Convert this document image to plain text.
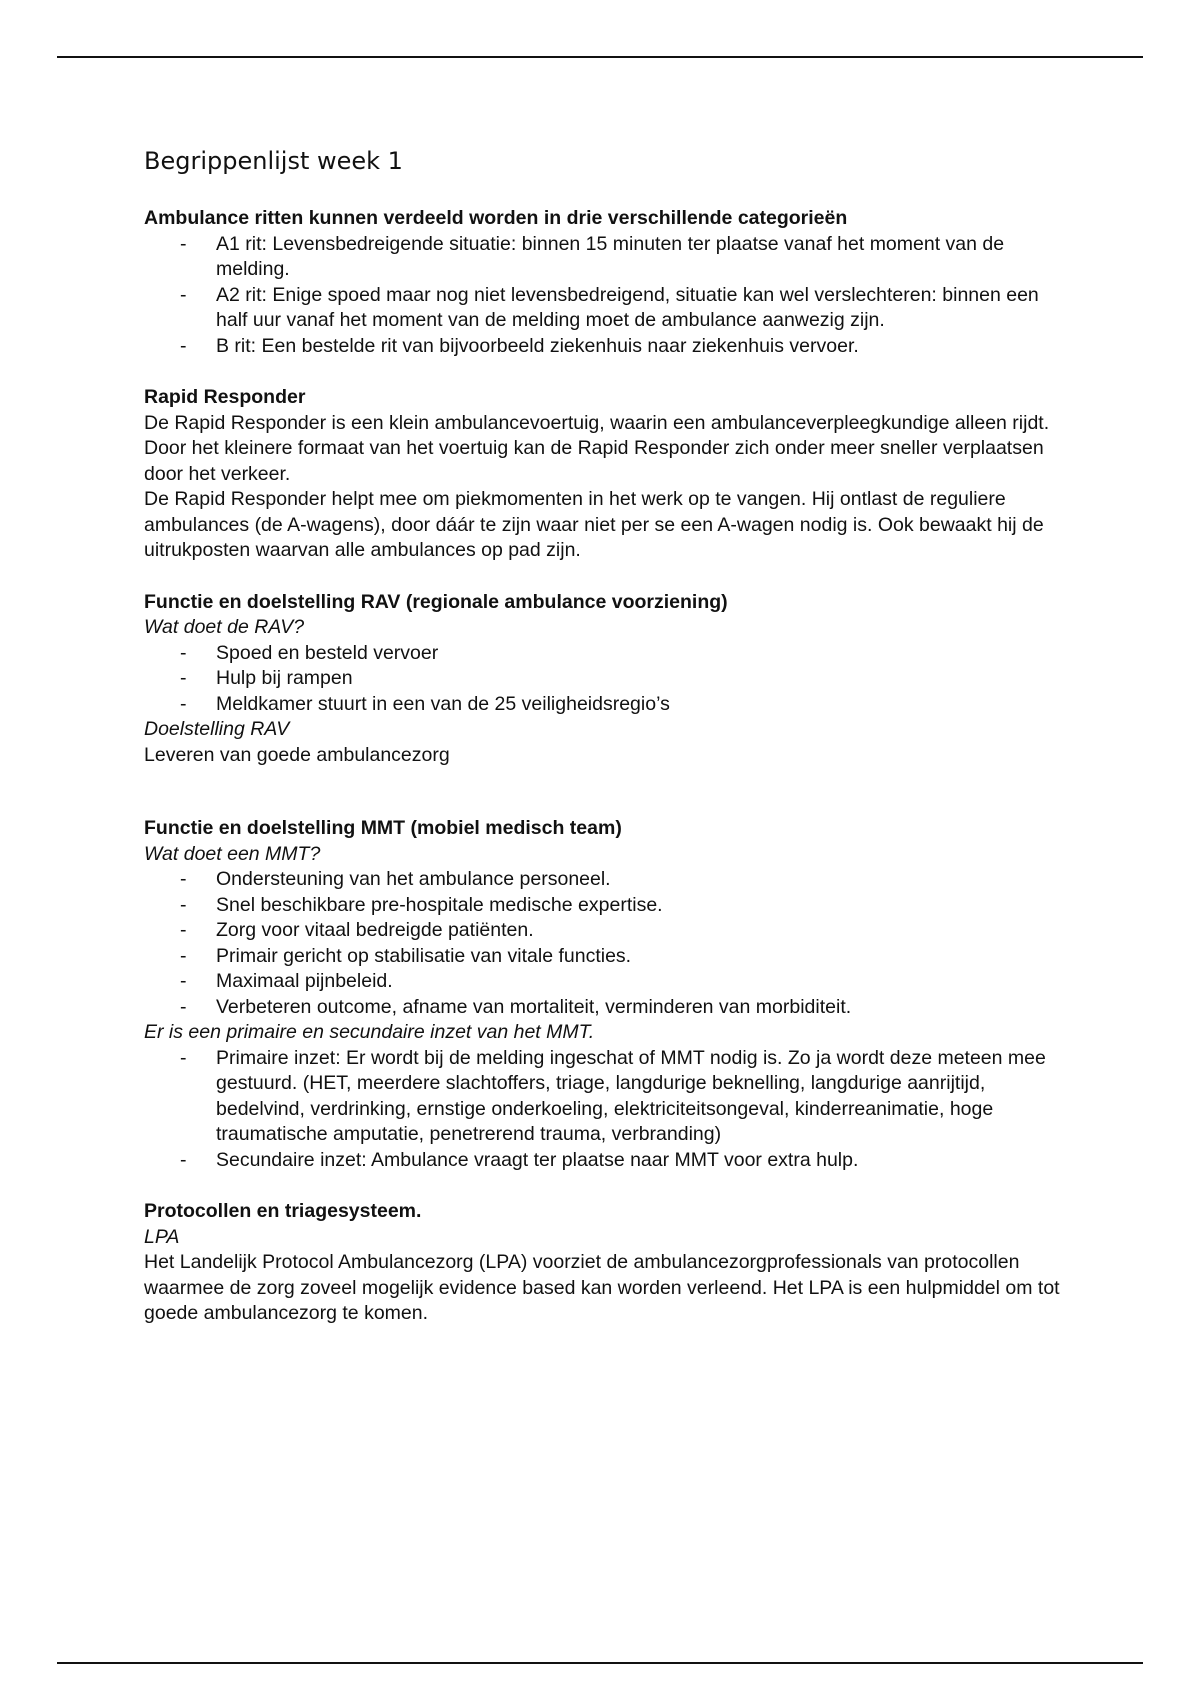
Begrippenlijst week 1

Ambulance ritten kunnen verdeeld worden in drie verschillende categorieën

- A1 rit: Levensbedreigende situatie: binnen 15 minuten ter plaatse vanaf het moment van de melding.
- A2 rit: Enige spoed maar nog niet levensbedreigend, situatie kan wel verslechteren: binnen een half uur vanaf het moment van de melding moet de ambulance aanwezig zijn.
- B rit: Een bestelde rit van bijvoorbeeld ziekenhuis naar ziekenhuis vervoer.

Rapid Responder

De Rapid Responder is een klein ambulancevoertuig, waarin een ambulanceverpleegkundige alleen rijdt. Door het kleinere formaat van het voertuig kan de Rapid Responder zich onder meer sneller verplaatsen door het verkeer.

De Rapid Responder helpt mee om piekmomenten in het werk op te vangen. Hij ontlast de reguliere ambulances (de A-wagens), door dáár te zijn waar niet per se een A-wagen nodig is. Ook bewaakt hij de uitrukposten waarvan alle ambulances op pad zijn.

Functie en doelstelling RAV (regionale ambulance voorziening)

Wat doet de RAV?

- Spoed en besteld vervoer
- Hulp bij rampen
- Meldkamer stuurt in een van de 25 veiligheidsregio’s

Doelstelling RAV

Leveren van goede ambulancezorg

Functie en doelstelling MMT (mobiel medisch team)

Wat doet een MMT?

- Ondersteuning van het ambulance personeel.
- Snel beschikbare pre-hospitale medische expertise.
- Zorg voor vitaal bedreigde patiënten.
- Primair gericht op stabilisatie van vitale functies.
- Maximaal pijnbeleid.
- Verbeteren outcome, afname van mortaliteit, verminderen van morbiditeit.

Er is een primaire en secundaire inzet van het MMT.

- Primaire inzet: Er wordt bij de melding ingeschat of MMT nodig is. Zo ja wordt deze meteen mee gestuurd. (HET, meerdere slachtoffers, triage, langdurige beknelling, langdurige aanrijtijd, bedelvind, verdrinking, ernstige onderkoeling, elektriciteitsongeval, kinderreanimatie, hoge traumatische amputatie, penetrerend trauma, verbranding)
- Secundaire inzet: Ambulance vraagt ter plaatse naar MMT voor extra hulp.

Protocollen en triagesysteem.

LPA

Het Landelijk Protocol Ambulancezorg (LPA) voorziet de ambulancezorgprofessionals van protocollen waarmee de zorg zoveel mogelijk evidence based kan worden verleend. Het LPA is een hulpmiddel om tot goede ambulancezorg te komen.
